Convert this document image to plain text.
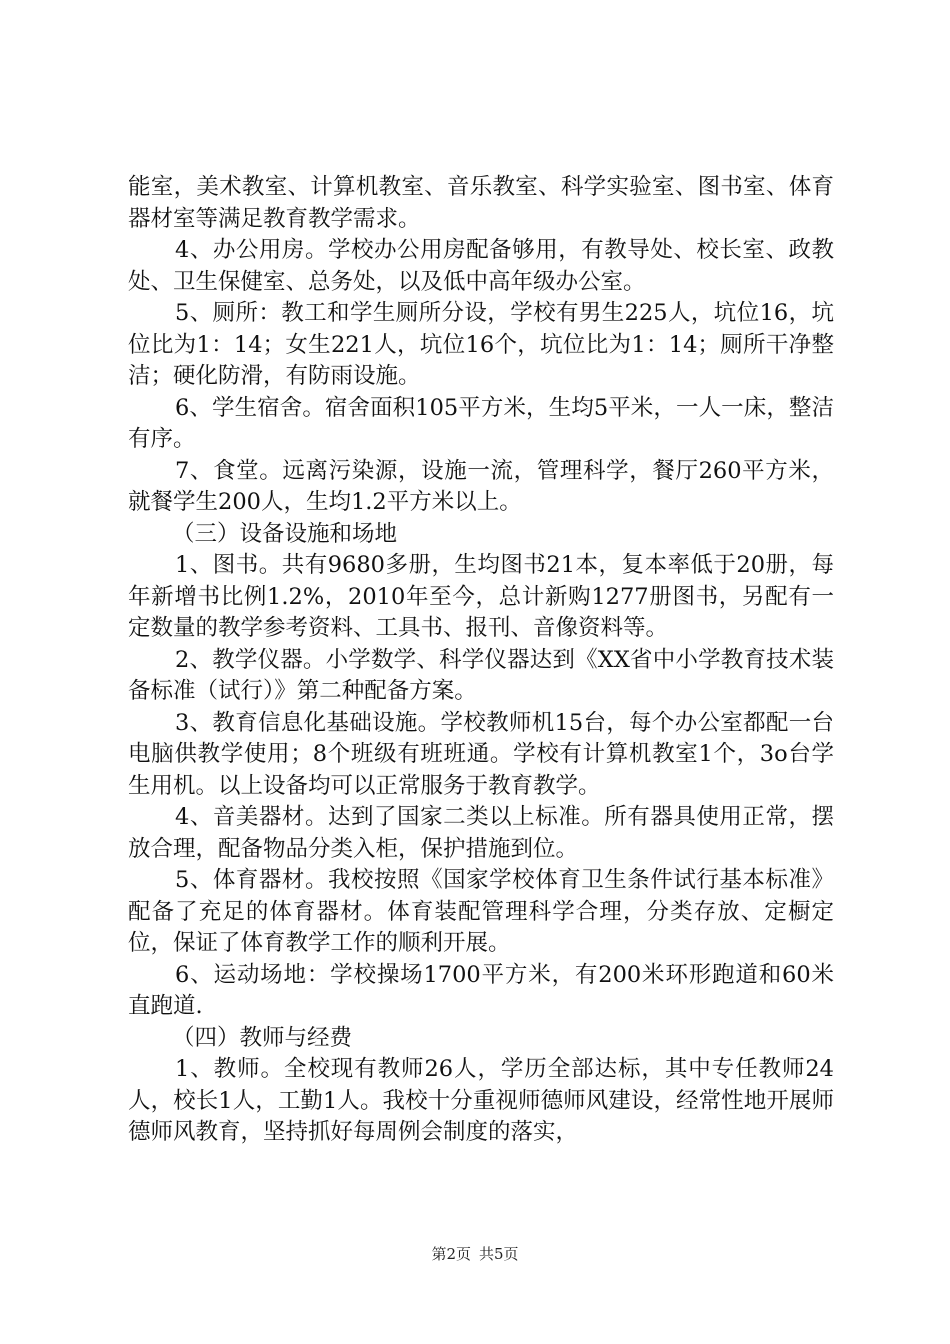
能室，美术教室、计算机教室、音乐教室、科学实验室、图书室、体育器材室等满足教育教学需求。

4、办公用房。学校办公用房配备够用，有教导处、校长室、政教处、卫生保健室、总务处，以及低中高年级办公室。

5、厕所：教工和学生厕所分设，学校有男生225人，坑位16，坑位比为1：14；女生221人，坑位16个，坑位比为1：14；厕所干净整洁；硬化防滑，有防雨设施。

6、学生宿舍。宿舍面积105平方米，生均5平米，一人一床，整洁有序。

7、食堂。远离污染源，设施一流，管理科学，餐厅260平方米，就餐学生200人，生均1.2平方米以上。

（三）设备设施和场地

1、图书。共有9680多册，生均图书21本，复本率低于20册，每年新增书比例1.2%，2010年至今，总计新购1277册图书，另配有一定数量的教学参考资料、工具书、报刊、音像资料等。

2、教学仪器。小学数学、科学仪器达到《XX省中小学教育技术装备标准（试行）》第二种配备方案。

3、教育信息化基础设施。学校教师机15台，每个办公室都配一台电脑供教学使用；8个班级有班班通。学校有计算机教室1个，3o台学生用机。以上设备均可以正常服务于教育教学。

4、音美器材。达到了国家二类以上标准。所有器具使用正常，摆放合理，配备物品分类入柜，保护措施到位。

5、体育器材。我校按照《国家学校体育卫生条件试行基本标准》配备了充足的体育器材。体育装配管理科学合理，分类存放、定橱定位，保证了体育教学工作的顺利开展。

6、运动场地：学校操场1700平方米，有200米环形跑道和60米直跑道.

（四）教师与经费

1、教师。全校现有教师26人，学历全部达标，其中专任教师24人，校长1人，工勤1人。我校十分重视师德师风建设，经常性地开展师德师风教育，坚持抓好每周例会制度的落实，

第2页 共5页
